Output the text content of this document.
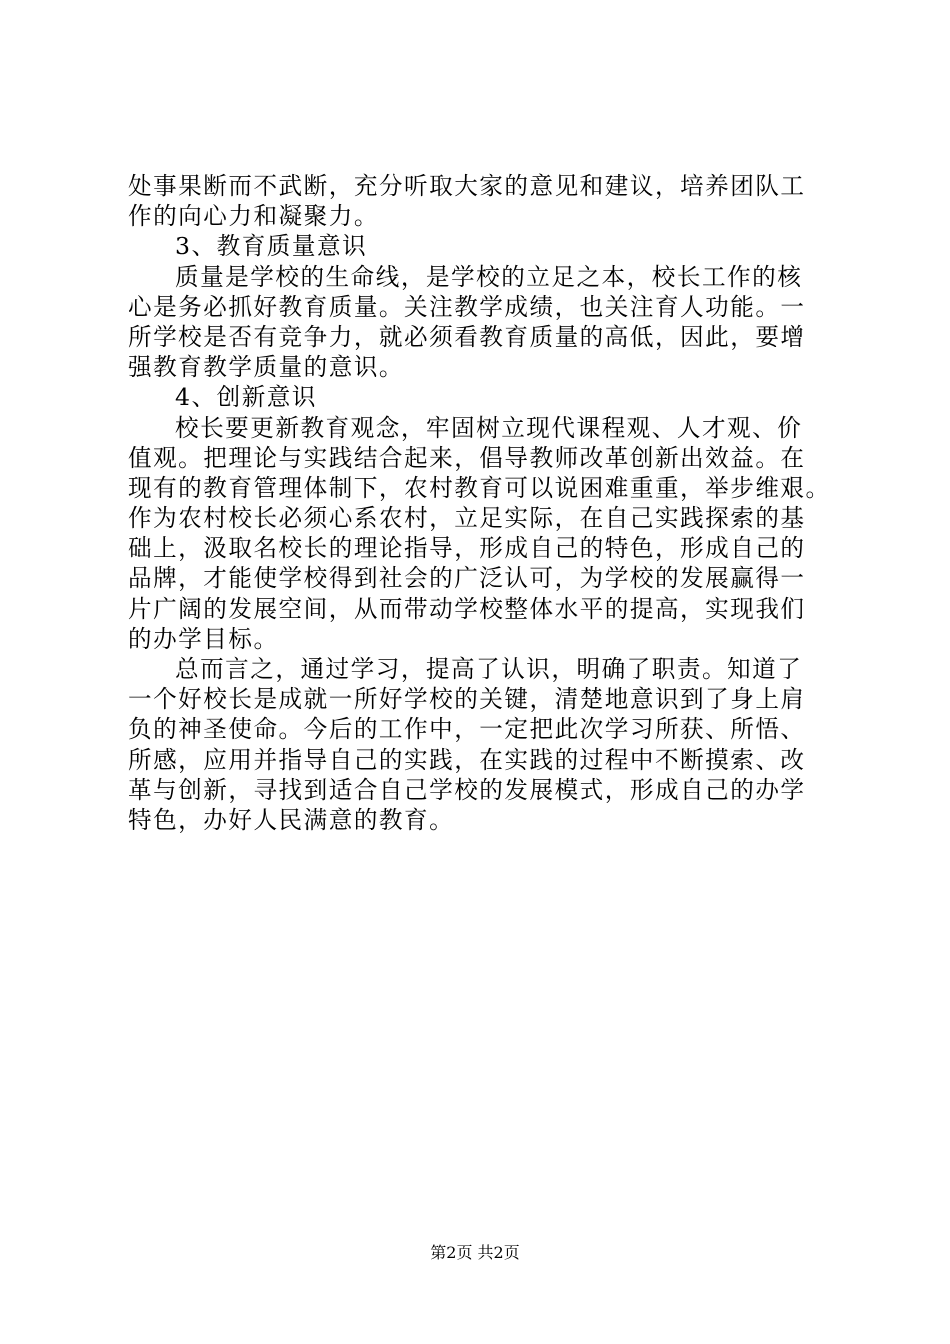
处事果断而不武断，充分听取大家的意见和建议，培养团队工
作的向心力和凝聚力。
3、教育质量意识
质量是学校的生命线，是学校的立足之本，校长工作的核
心是务必抓好教育质量。关注教学成绩，也关注育人功能。一
所学校是否有竞争力，就必须看教育质量的高低，因此，要增
强教育教学质量的意识。
4、创新意识
校长要更新教育观念，牢固树立现代课程观、人才观、价
值观。把理论与实践结合起来，倡导教师改革创新出效益。在
现有的教育管理体制下，农村教育可以说困难重重，举步维艰。
作为农村校长必须心系农村，立足实际，在自己实践探索的基
础上，汲取名校长的理论指导，形成自己的特色，形成自己的
品牌，才能使学校得到社会的广泛认可，为学校的发展赢得一
片广阔的发展空间，从而带动学校整体水平的提高，实现我们
的办学目标。
总而言之，通过学习，提高了认识，明确了职责。知道了
一个好校长是成就一所好学校的关键，清楚地意识到了身上肩
负的神圣使命。今后的工作中，一定把此次学习所获、所悟、
所感，应用并指导自己的实践，在实践的过程中不断摸索、改
革与创新，寻找到适合自己学校的发展模式，形成自己的办学
特色，办好人民满意的教育。
第2页 共2页
